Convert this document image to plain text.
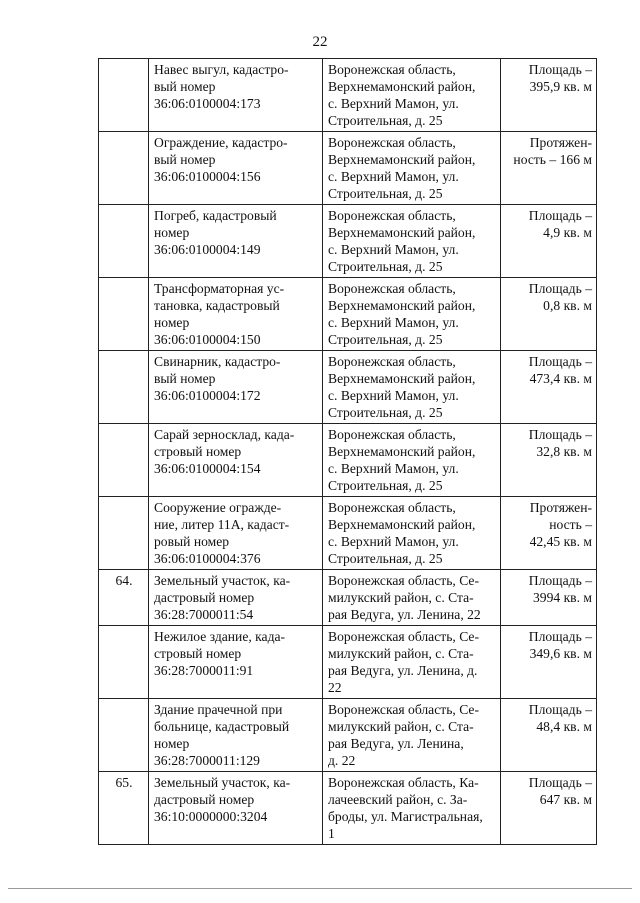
22

	Навес выгул, кадастро-
вый номер
36:06:0100004:173	Воронежская область,
Верхнемамонский район,
с. Верхний Мамон, ул.
Строительная, д. 25	Площадь –
395,9 кв. м

	Ограждение, кадастро-
вый номер
36:06:0100004:156	Воронежская область,
Верхнемамонский район,
с. Верхний Мамон, ул.
Строительная, д. 25	Протяжен-
ность – 166 м

	Погреб, кадастровый
номер
36:06:0100004:149	Воронежская область,
Верхнемамонский район,
с. Верхний Мамон, ул.
Строительная, д. 25	Площадь –
4,9 кв. м

	Трансформаторная ус-
тановка, кадастровый
номер
36:06:0100004:150	Воронежская область,
Верхнемамонский район,
с. Верхний Мамон, ул.
Строительная, д. 25	Площадь –
0,8 кв. м

	Свинарник, кадастро-
вый номер
36:06:0100004:172	Воронежская область,
Верхнемамонский район,
с. Верхний Мамон, ул.
Строительная, д. 25	Площадь –
473,4 кв. м

	Сарай зерносклад, када-
стровый номер
36:06:0100004:154	Воронежская область,
Верхнемамонский район,
с. Верхний Мамон, ул.
Строительная, д. 25	Площадь –
32,8 кв. м

	Сооружение огражде-
ние, литер 11А, кадаст-
ровый номер
36:06:0100004:376	Воронежская область,
Верхнемамонский район,
с. Верхний Мамон, ул.
Строительная, д. 25	Протяжен-
ность –
42,45 кв. м

64.	Земельный участок, ка-
дастровый номер
36:28:7000011:54	Воронежская область, Се-
милукский район, с. Ста-
рая Ведуга, ул. Ленина, 22	Площадь –
3994 кв. м

	Нежилое здание, када-
стровый номер
36:28:7000011:91	Воронежская область, Се-
милукский район, с. Ста-
рая Ведуга, ул. Ленина, д.
22	Площадь –
349,6 кв. м

	Здание прачечной при
больнице, кадастровый
номер
36:28:7000011:129	Воронежская область, Се-
милукский район, с. Ста-
рая Ведуга, ул. Ленина,
д. 22	Площадь –
48,4 кв. м

65.	Земельный участок, ка-
дастровый номер
36:10:0000000:3204	Воронежская область, Ка-
лачеевский район, с. За-
броды, ул. Магистральная,
1	Площадь –
647 кв. м
